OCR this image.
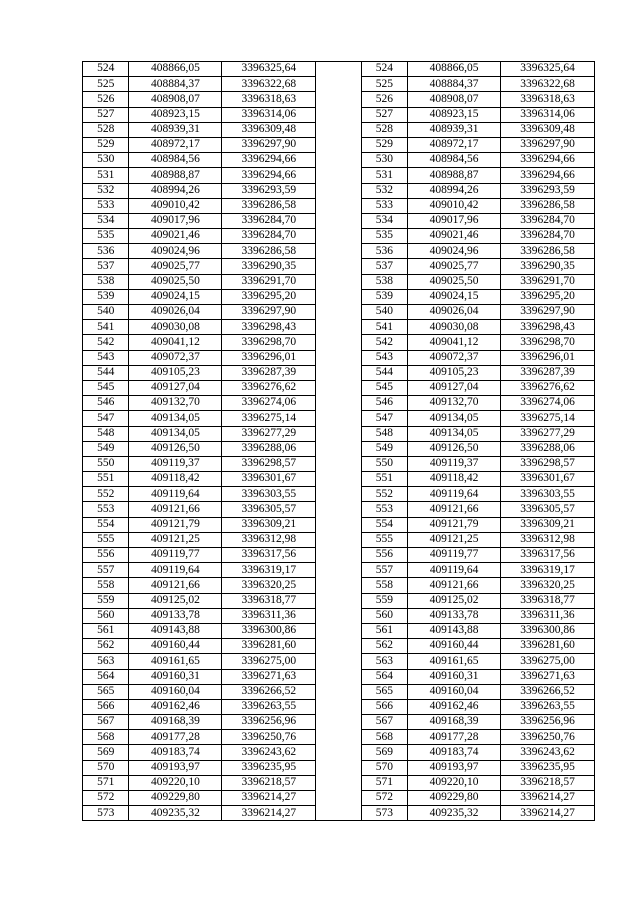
524	408866,05	3396325,64		524	408866,05	3396325,64
525	408884,37	3396322,68		525	408884,37	3396322,68
526	408908,07	3396318,63		526	408908,07	3396318,63
527	408923,15	3396314,06		527	408923,15	3396314,06
528	408939,31	3396309,48		528	408939,31	3396309,48
529	408972,17	3396297,90		529	408972,17	3396297,90
530	408984,56	3396294,66		530	408984,56	3396294,66
531	408988,87	3396294,66		531	408988,87	3396294,66
532	408994,26	3396293,59		532	408994,26	3396293,59
533	409010,42	3396286,58		533	409010,42	3396286,58
534	409017,96	3396284,70		534	409017,96	3396284,70
535	409021,46	3396284,70		535	409021,46	3396284,70
536	409024,96	3396286,58		536	409024,96	3396286,58
537	409025,77	3396290,35		537	409025,77	3396290,35
538	409025,50	3396291,70		538	409025,50	3396291,70
539	409024,15	3396295,20		539	409024,15	3396295,20
540	409026,04	3396297,90		540	409026,04	3396297,90
541	409030,08	3396298,43		541	409030,08	3396298,43
542	409041,12	3396298,70		542	409041,12	3396298,70
543	409072,37	3396296,01		543	409072,37	3396296,01
544	409105,23	3396287,39		544	409105,23	3396287,39
545	409127,04	3396276,62		545	409127,04	3396276,62
546	409132,70	3396274,06		546	409132,70	3396274,06
547	409134,05	3396275,14		547	409134,05	3396275,14
548	409134,05	3396277,29		548	409134,05	3396277,29
549	409126,50	3396288,06		549	409126,50	3396288,06
550	409119,37	3396298,57		550	409119,37	3396298,57
551	409118,42	3396301,67		551	409118,42	3396301,67
552	409119,64	3396303,55		552	409119,64	3396303,55
553	409121,66	3396305,57		553	409121,66	3396305,57
554	409121,79	3396309,21		554	409121,79	3396309,21
555	409121,25	3396312,98		555	409121,25	3396312,98
556	409119,77	3396317,56		556	409119,77	3396317,56
557	409119,64	3396319,17		557	409119,64	3396319,17
558	409121,66	3396320,25		558	409121,66	3396320,25
559	409125,02	3396318,77		559	409125,02	3396318,77
560	409133,78	3396311,36		560	409133,78	3396311,36
561	409143,88	3396300,86		561	409143,88	3396300,86
562	409160,44	3396281,60		562	409160,44	3396281,60
563	409161,65	3396275,00		563	409161,65	3396275,00
564	409160,31	3396271,63		564	409160,31	3396271,63
565	409160,04	3396266,52		565	409160,04	3396266,52
566	409162,46	3396263,55		566	409162,46	3396263,55
567	409168,39	3396256,96		567	409168,39	3396256,96
568	409177,28	3396250,76		568	409177,28	3396250,76
569	409183,74	3396243,62		569	409183,74	3396243,62
570	409193,97	3396235,95		570	409193,97	3396235,95
571	409220,10	3396218,57		571	409220,10	3396218,57
572	409229,80	3396214,27		572	409229,80	3396214,27
573	409235,32	3396214,27		573	409235,32	3396214,27
